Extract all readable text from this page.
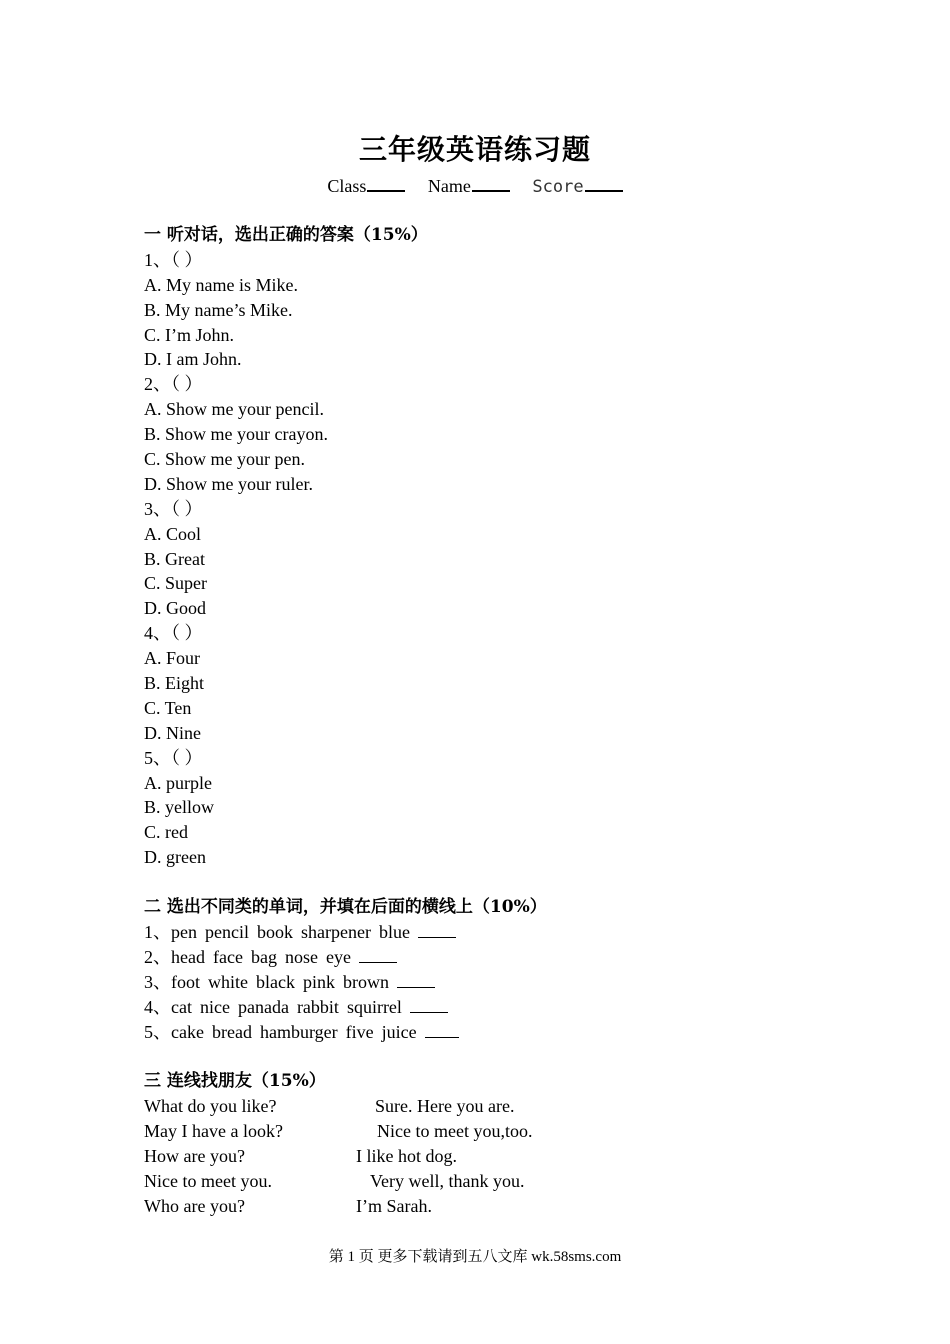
三年级英语练习题
Class	Name	Score
一 听对话，选出正确的答案（15%）
1、（ ）
A. My name is Mike.
B. My name’s Mike.
C. I’m John.
D. I am John.
2、（ ）
A. Show me your pencil.
B. Show me your crayon.
C. Show me your pen.
D. Show me your ruler.
3、（ ）
A. Cool
B. Great
C. Super
D. Good
4、（ ）
A. Four
B. Eight
C. Ten
D. Nine
5、（ ）
A. purple
B. yellow
C. red
D. green
二 选出不同类的单词，并填在后面的横线上（10%）
1、pen pencil book sharpener blue
2、head face bag nose eye
3、foot white black pink brown
4、cat nice panada rabbit squirrel
5、cake bread hamburger five juice
三 连线找朋友（15%）
What do you like?	Sure. Here you are.
May I have a look?	Nice to meet you,too.
How are you?	I like hot dog.
Nice to meet you.	Very well, thank you.
Who are you?	I’m Sarah.
第 1 页 更多下载请到五八文库 wk.58sms.com
